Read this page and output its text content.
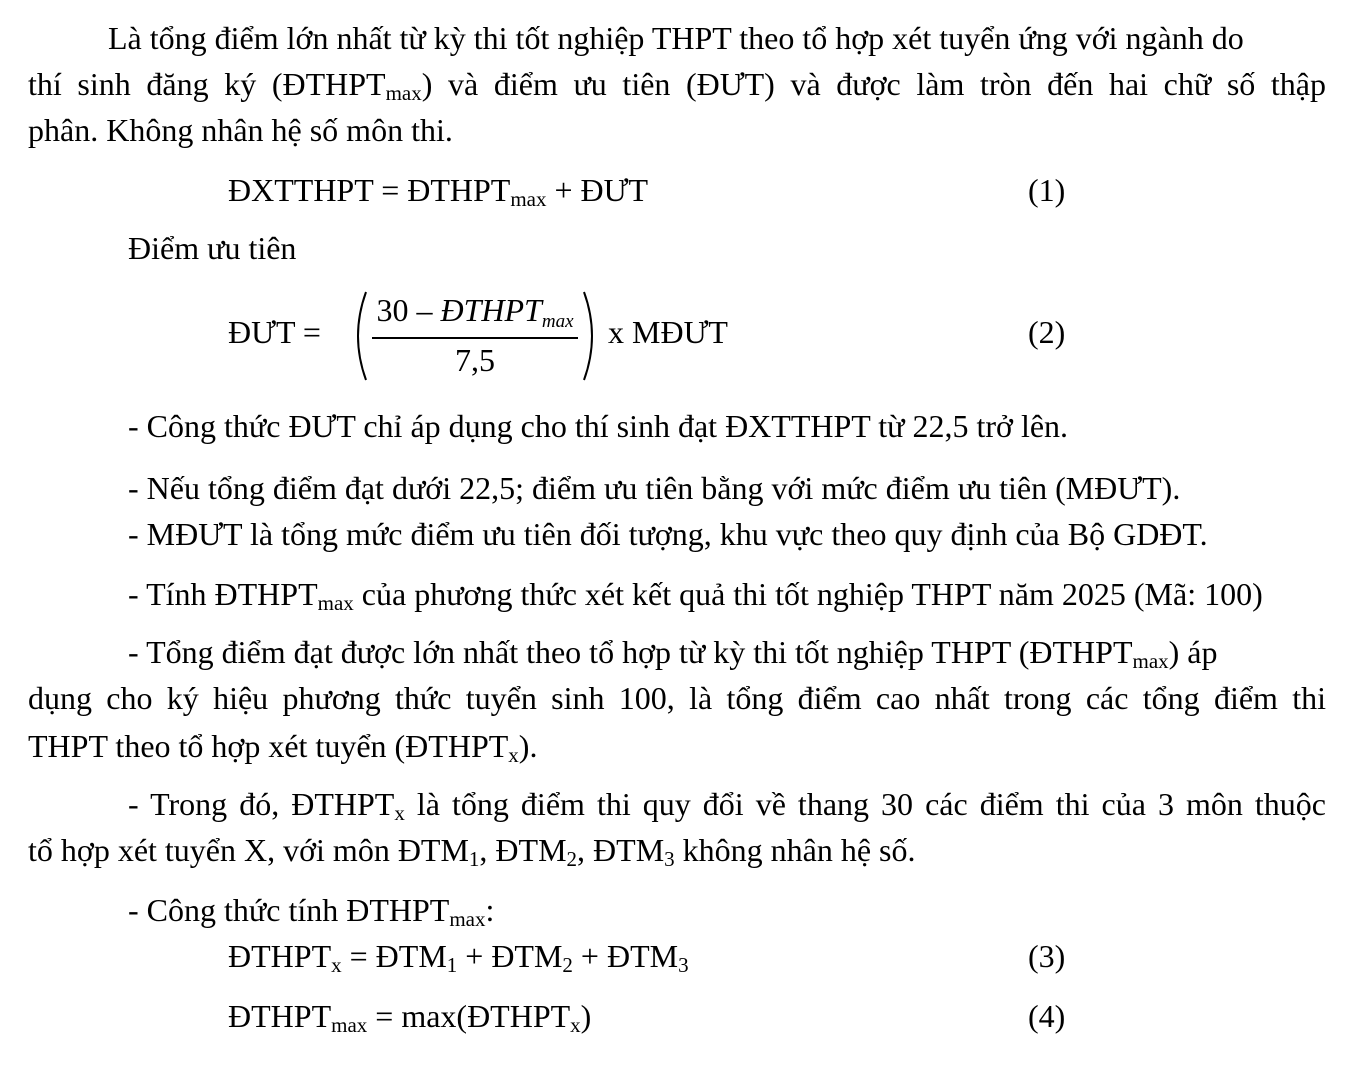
Là tổng điểm lớn nhất từ kỳ thi tốt nghiệp THPT theo tổ hợp xét tuyển ứng với ngành do
thí sinh đăng ký $(ĐTHPT_{max})$ và điểm ưu tiên (ĐƯT) và được làm tròn đến hai chữ số thập
phân. Không nhân hệ số môn thi.
ĐXTTHPT = $ĐTHPT_{max}$ + ĐƯT	(1)
Điểm ưu tiên
ĐƯT =
$30 - ĐTHPT_{max}$
7,5
x MĐƯT	(2)
- Công thức ĐƯT chỉ áp dụng cho thí sinh đạt ĐXTTHPT từ 22,5 trở lên.
- Nếu tổng điểm đạt dưới 22,5; điểm ưu tiên bằng với mức điểm ưu tiên (MĐƯT).
- MĐƯT là tổng mức điểm ưu tiên đối tượng, khu vực theo quy định của Bộ GDĐT.
- Tính $ĐTHPT_{max}$ của phương thức xét kết quả thi tốt nghiệp THPT năm 2025 (Mã: 100)
- Tổng điểm đạt được lớn nhất theo tổ hợp từ kỳ thi tốt nghiệp THPT $(ĐTHPT_{max})$ áp
dụng cho ký hiệu phương thức tuyển sinh 100, là tổng điểm cao nhất trong các tổng điểm thi
THPT theo tổ hợp xét tuyển $(ĐTHPT_x)$.
- Trong đó, $ĐTHPT_x$ là tổng điểm thi quy đổi về thang 30 các điểm thi của 3 môn thuộc
tổ hợp xét tuyển X, với môn $ĐTM_1$, $ĐTM_2$, $ĐTM_3$ không nhân hệ số.
- Công thức tính $ĐTHPT_{max}$:
$ĐTHPT_x$ = $ĐTM_1$ + $ĐTM_2$ + $ĐTM_3$	(3)
$ĐTHPT_{max}$ = $\max(ĐTHPT_x)$	(4)
